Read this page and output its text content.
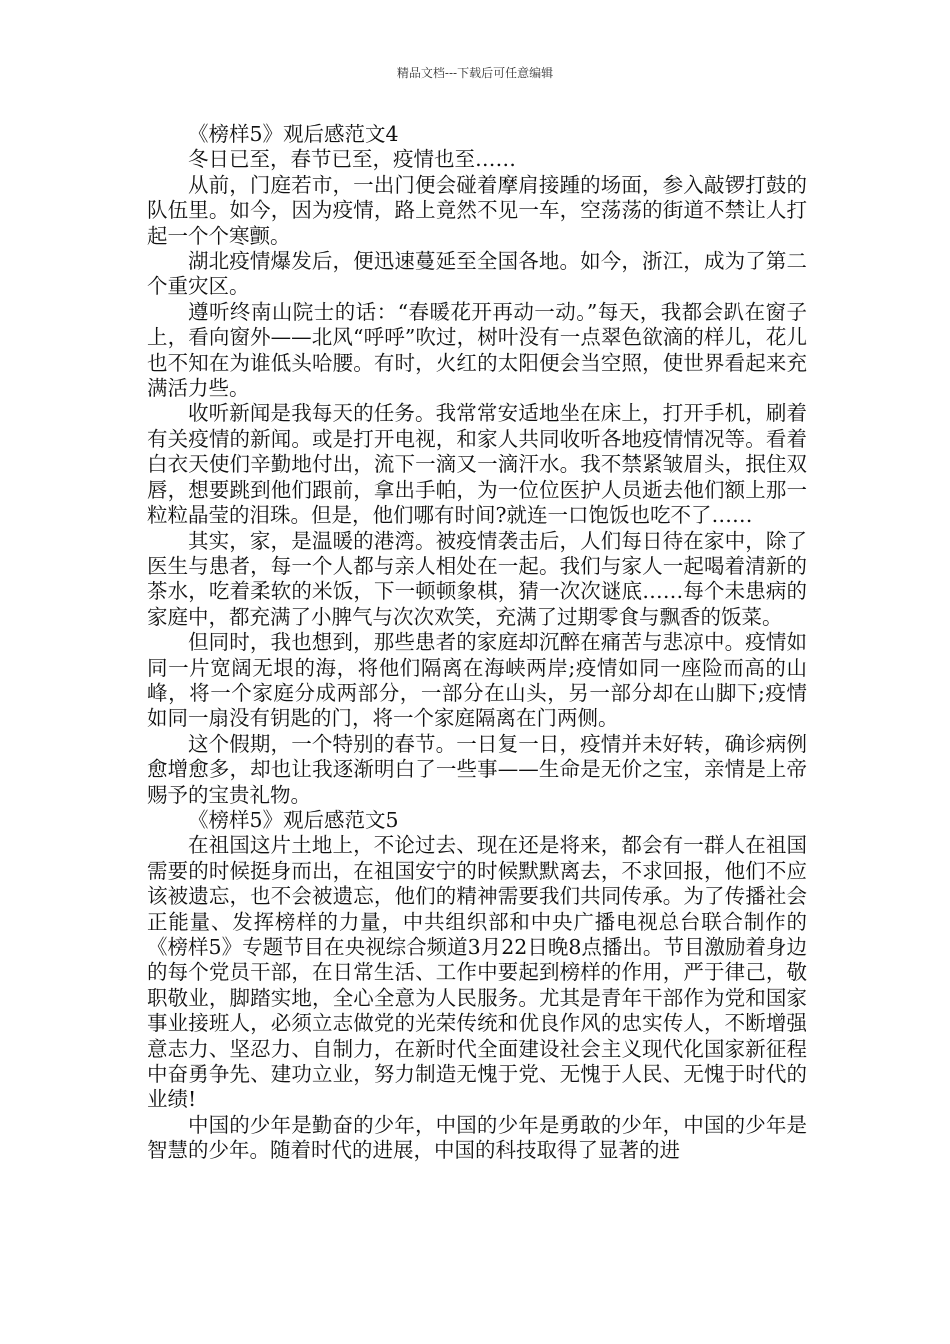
精品文档---下载后可任意编辑

《榜样5》观后感范文4

冬日已至，春节已至，疫情也至……

从前，门庭若市，一出门便会碰着摩肩接踵的场面，参入敲锣打鼓的队伍里。如今，因为疫情，路上竟然不见一车，空荡荡的街道不禁让人打起一个个寒颤。

湖北疫情爆发后，便迅速蔓延至全国各地。如今，浙江，成为了第二个重灾区。

遵听终南山院士的话：“春暖花开再动一动。”每天，我都会趴在窗子上，看向窗外——北风“呼呼”吹过，树叶没有一点翠色欲滴的样儿，花儿也不知在为谁低头哈腰。有时，火红的太阳便会当空照，使世界看起来充满活力些。

收听新闻是我每天的任务。我常常安适地坐在床上，打开手机，刷着有关疫情的新闻。或是打开电视，和家人共同收听各地疫情情况等。看着白衣天使们辛勤地付出，流下一滴又一滴汗水。我不禁紧皱眉头，抿住双唇，想要跳到他们跟前，拿出手帕，为一位位医护人员逝去他们额上那一粒粒晶莹的泪珠。但是，他们哪有时间?就连一口饱饭也吃不了……

其实，家，是温暖的港湾。被疫情袭击后，人们每日待在家中，除了医生与患者，每一个人都与亲人相处在一起。我们与家人一起喝着清新的茶水，吃着柔软的米饭，下一顿顿象棋，猜一次次谜底……每个未患病的家庭中，都充满了小脾气与次次欢笑，充满了过期零食与飘香的饭菜。

但同时，我也想到，那些患者的家庭却沉醉在痛苦与悲凉中。疫情如同一片宽阔无垠的海，将他们隔离在海峡两岸;疫情如同一座险而高的山峰，将一个家庭分成两部分，一部分在山头，另一部分却在山脚下;疫情如同一扇没有钥匙的门，将一个家庭隔离在门两侧。

这个假期，一个特别的春节。一日复一日，疫情并未好转，确诊病例愈增愈多，却也让我逐渐明白了一些事——生命是无价之宝，亲情是上帝赐予的宝贵礼物。

《榜样5》观后感范文5

在祖国这片土地上，不论过去、现在还是将来，都会有一群人在祖国需要的时候挺身而出，在祖国安宁的时候默默离去，不求回报，他们不应该被遗忘，也不会被遗忘，他们的精神需要我们共同传承。为了传播社会正能量、发挥榜样的力量，中共组织部和中央广播电视总台联合制作的《榜样5》专题节目在央视综合频道3月22日晚8点播出。节目激励着身边的每个党员干部，在日常生活、工作中要起到榜样的作用，严于律己，敬职敬业，脚踏实地，全心全意为人民服务。尤其是青年干部作为党和国家事业接班人，必须立志做党的光荣传统和优良作风的忠实传人，不断增强意志力、坚忍力、自制力，在新时代全面建设社会主义现代化国家新征程中奋勇争先、建功立业，努力制造无愧于党、无愧于人民、无愧于时代的业绩!

中国的少年是勤奋的少年，中国的少年是勇敢的少年，中国的少年是智慧的少年。随着时代的进展，中国的科技取得了显著的进
